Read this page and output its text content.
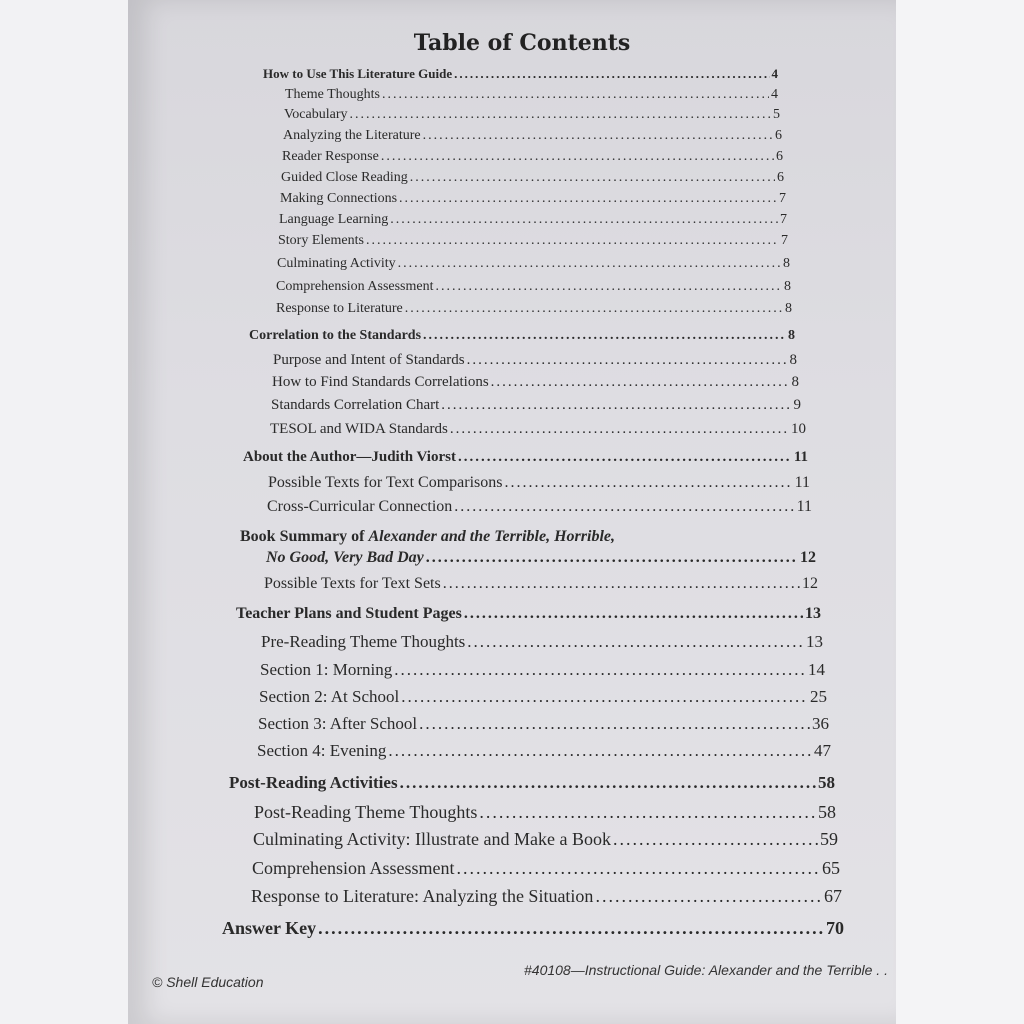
Table of Contents
How to Use This Literature Guide .....	4
Theme Thoughts .....	4
Vocabulary .....	5
Analyzing the Literature .....	6
Reader Response .....	6
Guided Close Reading .....	6
Making Connections .....	7
Language Learning .....	7
Story Elements .....	7
Culminating Activity .....	8
Comprehension Assessment .....	8
Response to Literature .....	8
Correlation to the Standards .....	8
Purpose and Intent of Standards .....	8
How to Find Standards Correlations .....	8
Standards Correlation Chart .....	9
TESOL and WIDA Standards .....	10
About the Author—Judith Viorst .....	11
Possible Texts for Text Comparisons .....	11
Cross-Curricular Connection .....	11
Book Summary of Alexander and the Terrible, Horrible,
No Good, Very Bad Day .....	12
Possible Texts for Text Sets .....	12
Teacher Plans and Student Pages .....	13
Pre-Reading Theme Thoughts .....	13
Section 1: Morning .....	14
Section 2: At School .....	25
Section 3: After School .....	36
Section 4: Evening .....	47
Post-Reading Activities .....	58
Post-Reading Theme Thoughts .....	58
Culminating Activity: Illustrate and Make a Book .....	59
Comprehension Assessment .....	65
Response to Literature: Analyzing the Situation .....	67
Answer Key .....	70
© Shell Education
#40108—Instructional Guide: Alexander and the Terrible . .
